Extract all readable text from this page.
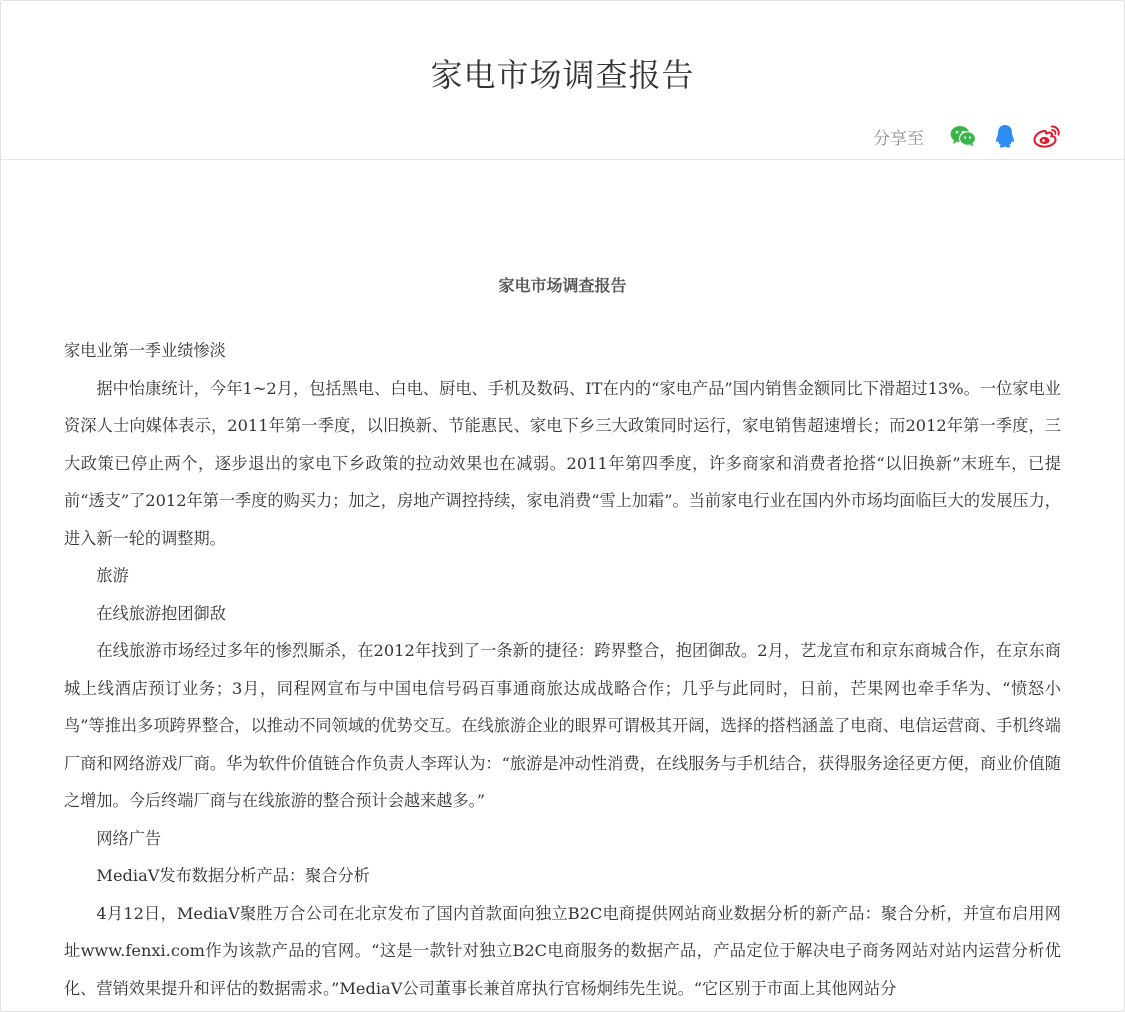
家电市场调查报告
分享至
家电市场调查报告

家电业第一季业绩惨淡

据中怡康统计，今年1~2月，包括黑电、白电、厨电、手机及数码、IT在内的“家电产品”国内销售金额同比下滑超过13%。一位家电业资深人士向媒体表示，2011年第一季度，以旧换新、节能惠民、家电下乡三大政策同时运行，家电销售超速增长；而2012年第一季度，三大政策已停止两个，逐步退出的家电下乡政策的拉动效果也在减弱。2011年第四季度，许多商家和消费者抢搭“以旧换新”末班车，已提前“透支”了2012年第一季度的购买力；加之，房地产调控持续，家电消费“雪上加霜”。当前家电行业在国内外市场均面临巨大的发展压力，进入新一轮的调整期。

旅游

在线旅游抱团御敌

在线旅游市场经过多年的惨烈厮杀，在2012年找到了一条新的捷径：跨界整合，抱团御敌。2月，艺龙宣布和京东商城合作，在京东商城上线酒店预订业务；3月，同程网宣布与中国电信号码百事通商旅达成战略合作；几乎与此同时，日前，芒果网也牵手华为、“愤怒小鸟”等推出多项跨界整合，以推动不同领域的优势交互。在线旅游企业的眼界可谓极其开阔，选择的搭档涵盖了电商、电信运营商、手机终端厂商和网络游戏厂商。华为软件价值链合作负责人李珲认为：“旅游是冲动性消费，在线服务与手机结合，获得服务途径更方便，商业价值随之增加。今后终端厂商与在线旅游的整合预计会越来越多。”

网络广告

MediaV发布数据分析产品：聚合分析

4月12日，MediaV聚胜万合公司在北京发布了国内首款面向独立B2C电商提供网站商业数据分析的新产品：聚合分析，并宣布启用网址www.fenxi.com作为该款产品的官网。“这是一款针对独立B2C电商服务的数据产品，产品定位于解决电子商务网站对站内运营分析优化、营销效果提升和评估的数据需求。”MediaV公司董事长兼首席执行官杨炯纬先生说。“它区别于市面上其他网站分
